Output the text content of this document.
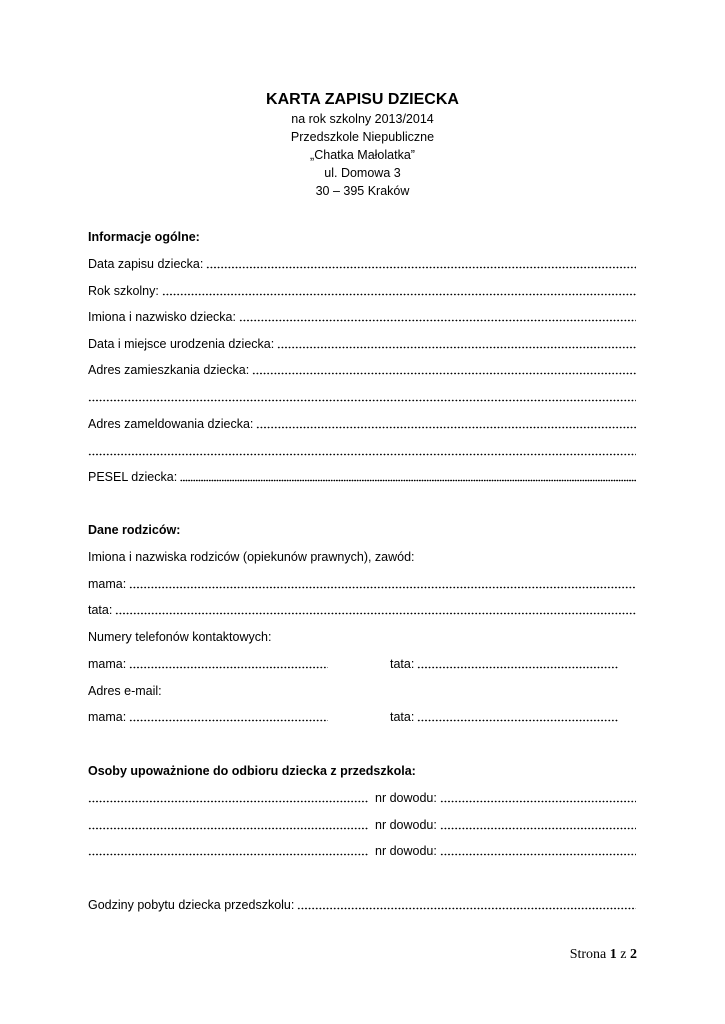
KARTA ZAPISU DZIECKA
na rok szkolny 2013/2014
Przedszkole Niepubliczne
„Chatka Małolatka”
ul. Domowa 3
30 – 395 Kraków
Informacje ogólne:
Data zapisu dziecka:
Rok szkolny:
Imiona i nazwisko dziecka:
Data i miejsce urodzenia dziecka:
Adres zamieszkania dziecka:
Adres zameldowania dziecka:
PESEL dziecka:
Dane rodziców:
Imiona i nazwiska rodziców (opiekunów prawnych), zawód:
mama:
tata:
Numery telefonów kontaktowych:
mama:	tata:
Adres e-mail:
mama:	tata:
Osoby upoważnione do odbioru dziecka z przedszkola:
nr dowodu:
nr dowodu:
nr dowodu:
Godziny pobytu dziecka przedszkolu:
Strona 1 z 2
